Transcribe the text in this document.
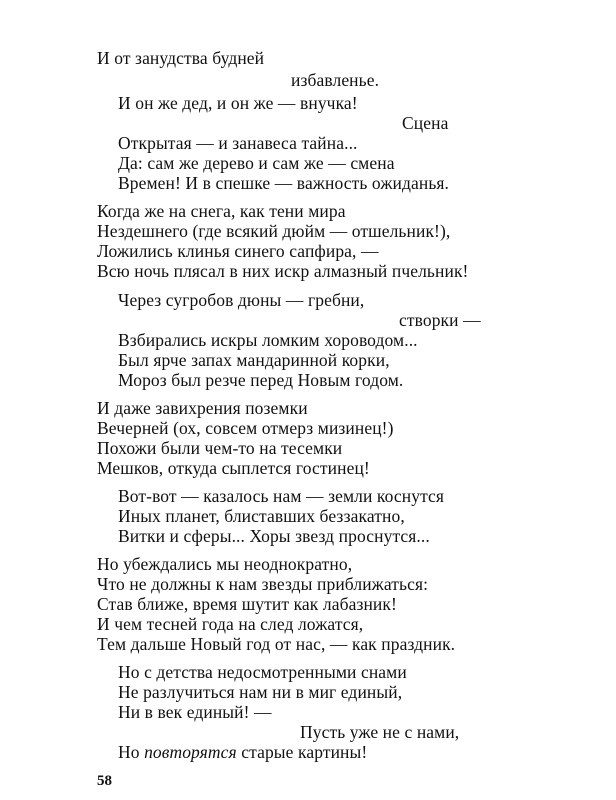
И от занудства будней
избавленье.
И он же дед, и он же — внучка!
Сцена
Открытая — и занавеса тайна...
Да: сам же дерево и сам же — смена
Времен! И в спешке — важность ожиданья.
Когда же на снега, как тени мира
Нездешнего (где всякий дюйм — отшельник!),
Ложились клинья синего сапфира, —
Всю ночь плясал в них искр алмазный пчельник!
Через сугробов дюны — гребни,
створки —
Взбирались искры ломким хороводом...
Был ярче запах мандаринной корки,
Мороз был резче перед Новым годом.
И даже завихрения поземки
Вечерней (ох, совсем отмерз мизинец!)
Похожи были чем-то на тесемки
Мешков, откуда сыплется гостинец!
Вот-вот — казалось нам — земли коснутся
Иных планет, блиставших беззакатно,
Витки и сферы... Хоры звезд проснутся...
Но убеждались мы неоднократно,
Что не должны к нам звезды приближаться:
Став ближе, время шутит как лабазник!
И чем тесней года на след ложатся,
Тем дальше Новый год от нас, — как праздник.
Но с детства недосмотренными снами
Не разлучиться нам ни в миг единый,
Ни в век единый! —
Пусть уже не с нами,
Но повторятся старые картины!
58
